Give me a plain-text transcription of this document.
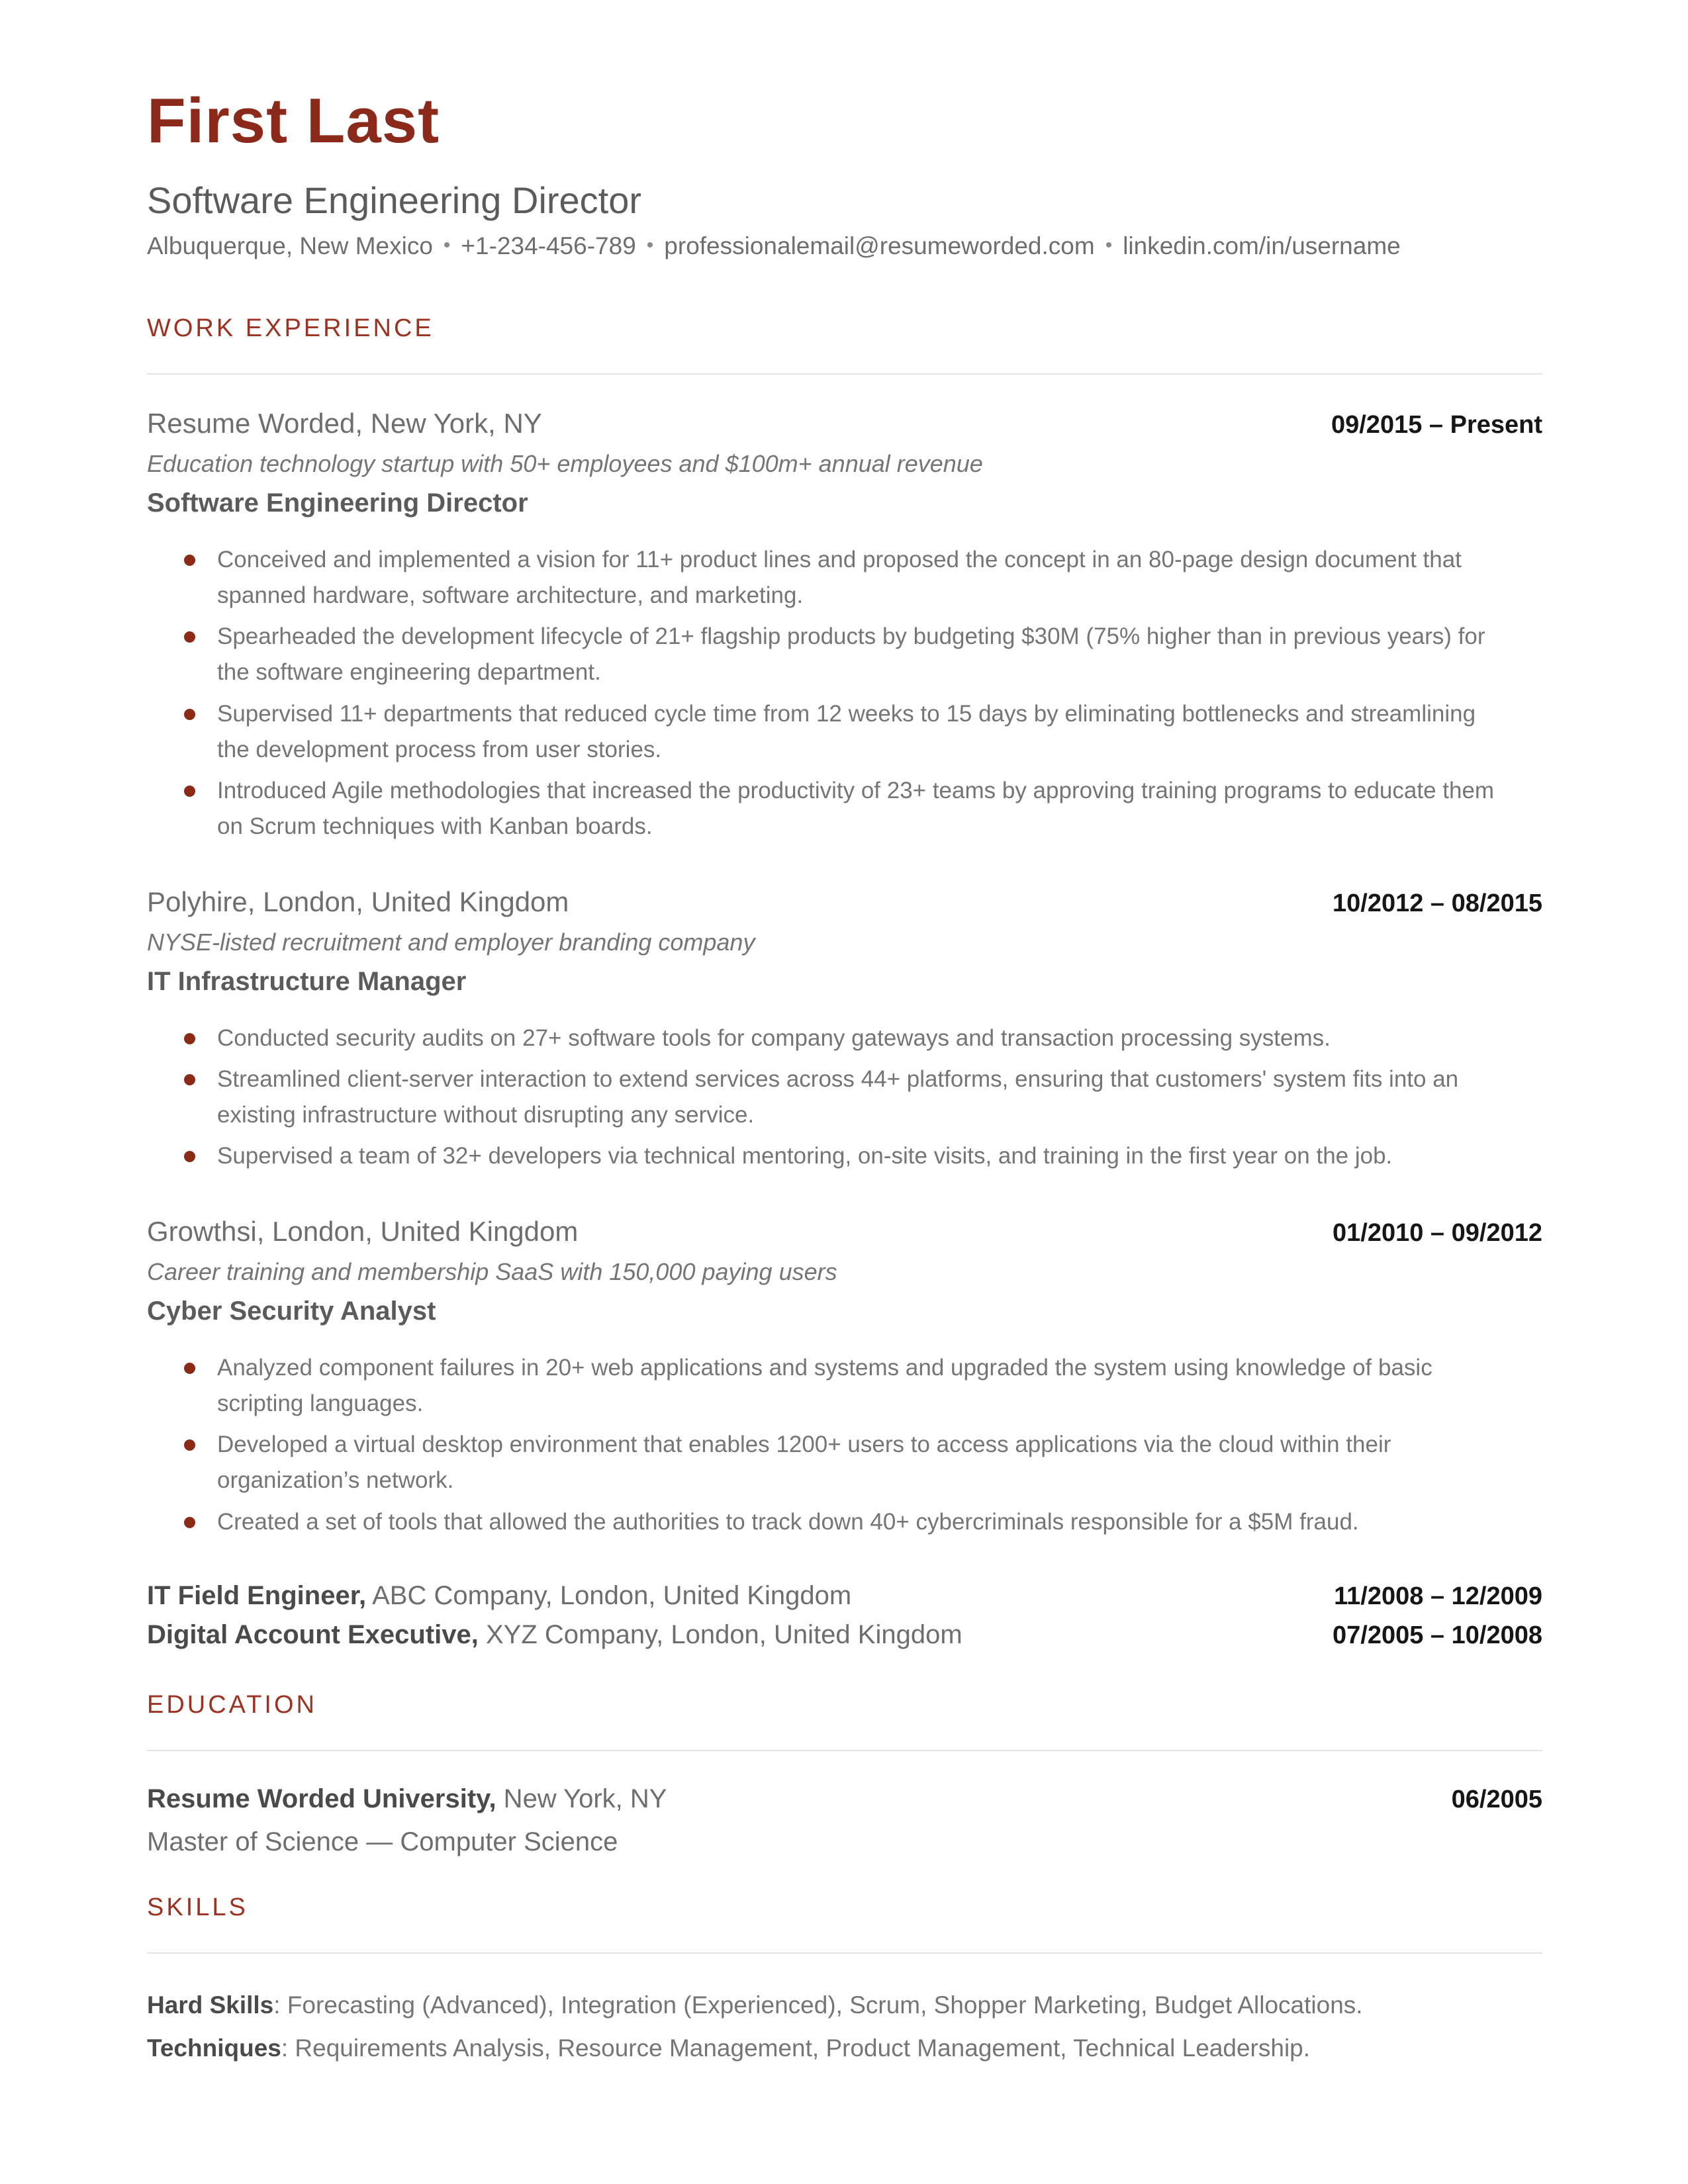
First Last
Software Engineering Director
Albuquerque, New Mexico • +1-234-456-789 • professionalemail@resumeworded.com • linkedin.com/in/username
WORK EXPERIENCE
Resume Worded, New York, NY	09/2015 – Present
Education technology startup with 50+ employees and $100m+ annual revenue
Software Engineering Director
Conceived and implemented a vision for 11+ product lines and proposed the concept in an 80-page design document that spanned hardware, software architecture, and marketing.
Spearheaded the development lifecycle of 21+ flagship products by budgeting $30M (75% higher than in previous years) for the software engineering department.
Supervised 11+ departments that reduced cycle time from 12 weeks to 15 days by eliminating bottlenecks and streamlining the development process from user stories.
Introduced Agile methodologies that increased the productivity of 23+ teams by approving training programs to educate them on Scrum techniques with Kanban boards.
Polyhire, London, United Kingdom	10/2012 – 08/2015
NYSE-listed recruitment and employer branding company
IT Infrastructure Manager
Conducted security audits on 27+ software tools for company gateways and transaction processing systems.
Streamlined client-server interaction to extend services across 44+ platforms, ensuring that customers' system fits into an existing infrastructure without disrupting any service.
Supervised a team of 32+ developers via technical mentoring, on-site visits, and training in the first year on the job.
Growthsi, London, United Kingdom	01/2010 – 09/2012
Career training and membership SaaS with 150,000 paying users
Cyber Security Analyst
Analyzed component failures in 20+ web applications and systems and upgraded the system using knowledge of basic scripting languages.
Developed a virtual desktop environment that enables 1200+ users to access applications via the cloud within their organization’s network.
Created a set of tools that allowed the authorities to track down 40+ cybercriminals responsible for a $5M fraud.
IT Field Engineer, ABC Company, London, United Kingdom	11/2008 – 12/2009
Digital Account Executive, XYZ Company, London, United Kingdom	07/2005 – 10/2008
EDUCATION
Resume Worded University, New York, NY	06/2005

Master of Science — Computer Science

SKILLS

Hard Skills: Forecasting (Advanced), Integration (Experienced), Scrum, Shopper Marketing, Budget Allocations.

Techniques: Requirements Analysis, Resource Management, Product Management, Technical Leadership.
